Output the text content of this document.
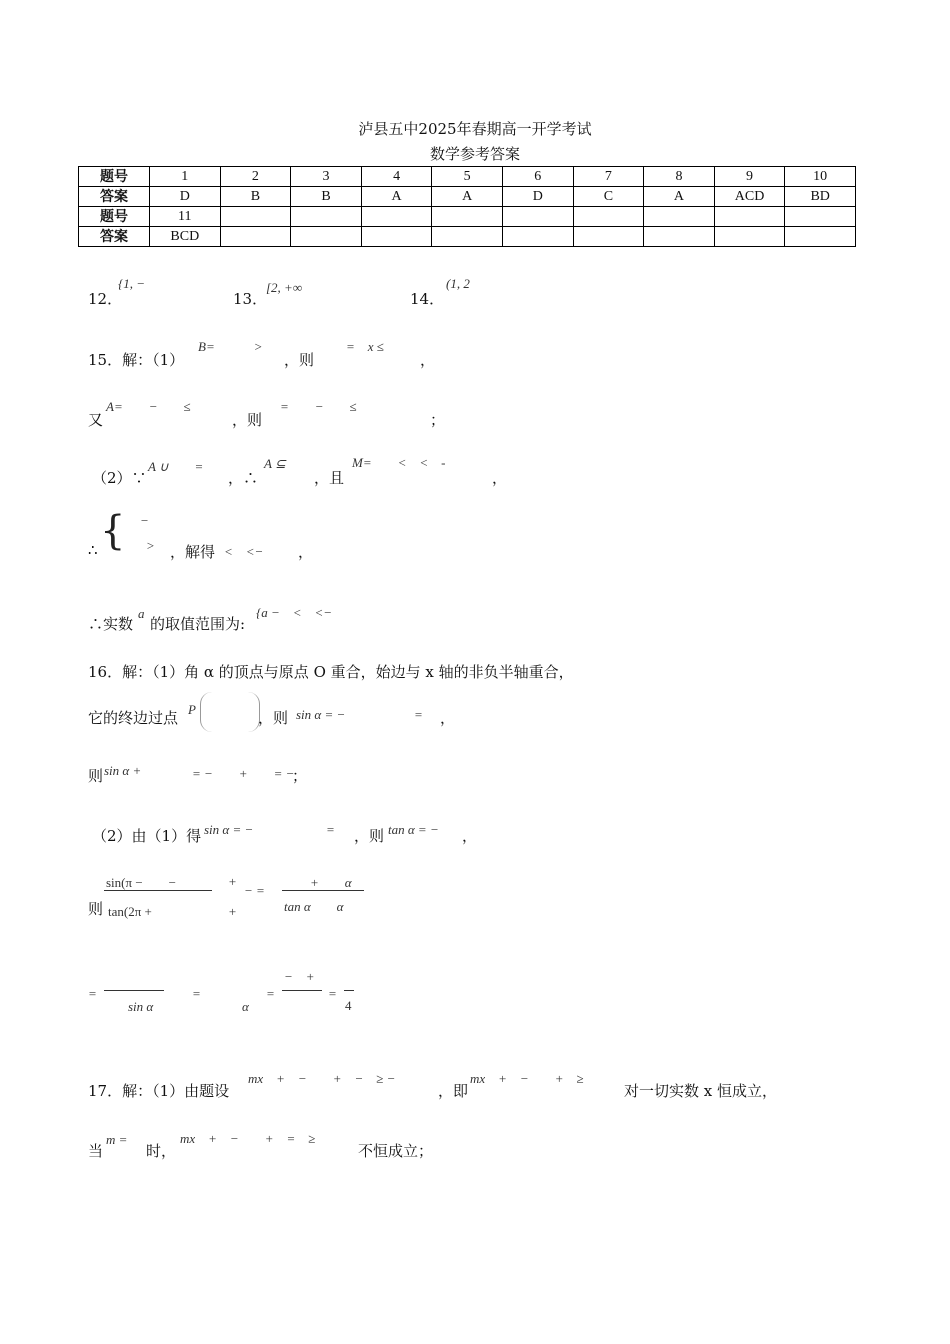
泸县五中2025年春期高一开学考试
数学参考答案
题号	1	2	3	4	5	6	7	8	9	10
答案	D	B	B	A	A	D	C	A	ACD	BD
题号	11									
答案	BCD									
12．
{1, −
13．
[2, +∞
14．
(1, 2
15．解：（1）
B=　　　>
，则
=　x ≤
，
又
A=　　−　　≤
，则
=　　−　　≤
；
（2）∵
A ∪　　=
，∴
A ⊆
，且
M=　　<　<　-
，
∴ { −
> ，解得 <　<− ，
∴实数
a
的取值范围为:
{a −　<　<−
16．解：（1）角 α 的顶点与原点 O 重合，始边与 x 轴的非负半轴重合，
它的终边过点 P	，则 sin α = −	= ，
则 sin α +	= −　　+　　= −
；
（2）由（1）得 sin α = −	= ，则 tan α = − ，
则
sin(π −　　−
tan(2π +
+
+
− =
+　　α
tan α　　α
=
sin α
=
α
=
−　+
=
4
17．解：（1）由题设
mx　+　−　　+　−　≥ −
，即
mx　+　−　　+　≥
对一切实数 x 恒成立，
当
m =
时，
mx　+　−　　+　=　≥
不恒成立；
